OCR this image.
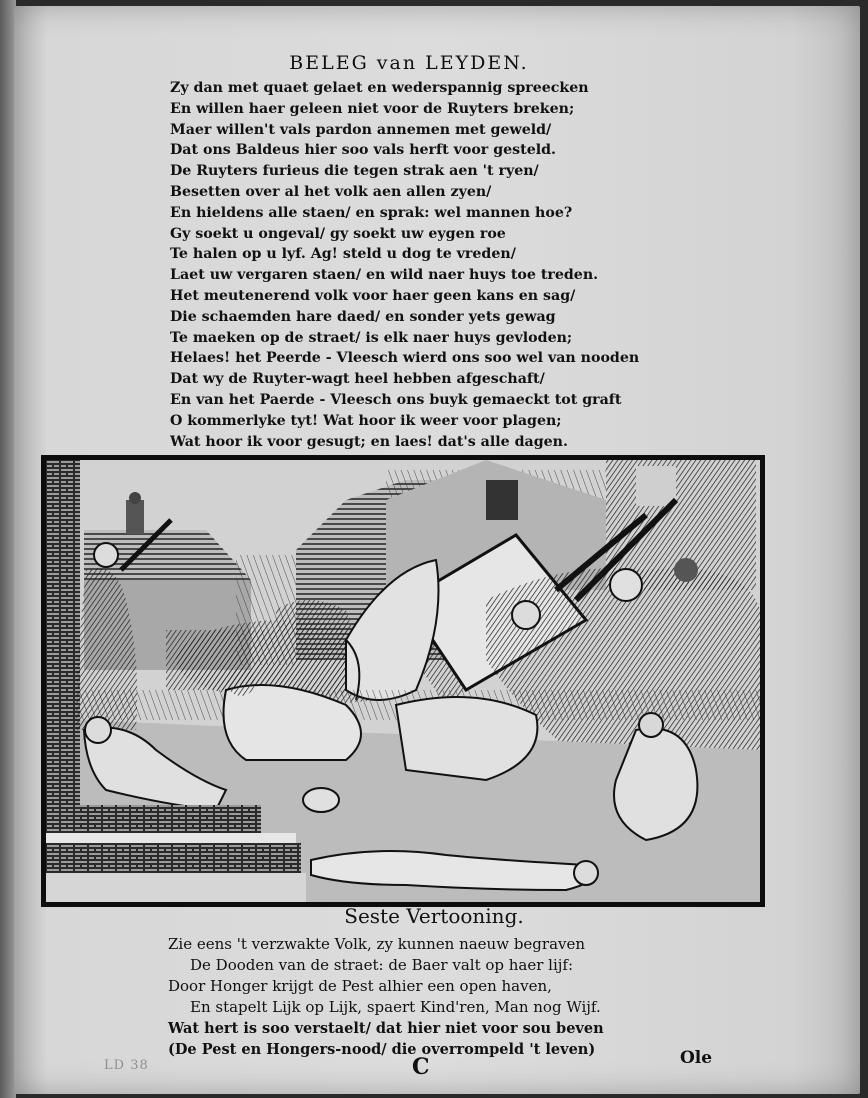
BELEG van LEYDEN.
Zy dan met quaet gelaet en wederspannig spreecken
En willen haer geleen niet voor de Ruyters breken;
Maer willen't vals pardon annemen met geweld/
Dat ons Baldeus hier soo vals herft voor gesteld.
De Ruyters furieus die tegen strak aen 't ryen/
Besetten over al het volk aen allen zyen/
En hieldens alle staen/ en sprak: wel mannen hoe?
Gy soekt u ongeval/ gy soekt uw eygen roe
Te halen op u lyf. Ag! steld u dog te vreden/
Laet uw vergaren staen/ en wild naer huys toe treden.
Het meutenerend volk voor haer geen kans en sag/
Die schaemden hare daed/ en sonder yets gewag
Te maeken op de straet/ is elk naer huys gevloden;
Helaes! het Peerde - Vleesch wierd ons soo wel van nooden
Dat wy de Ruyter-wagt heel hebben afgeschaft/
En van het Paerde - Vleesch ons buyk gemaeckt tot graft
O kommerlyke tyt! Wat hoor ik weer voor plagen;
Wat hoor ik voor gesugt; en laes! dat's alle dagen.
Seste Vertooning.
Zie eens 't verzwakte Volk, zy kunnen naeuw begraven
De Dooden van de straet: de Baer valt op haer lijf:
Door Honger krijgt de Pest alhier een open haven,
En stapelt Lijk op Lijk, spaert Kind'ren, Man nog Wijf.
Wat hert is soo verstaelt/ dat hier niet voor sou beven
(De Pest en Hongers-nood/ die overrompeld 't leven)
LD 38	C	Ole
